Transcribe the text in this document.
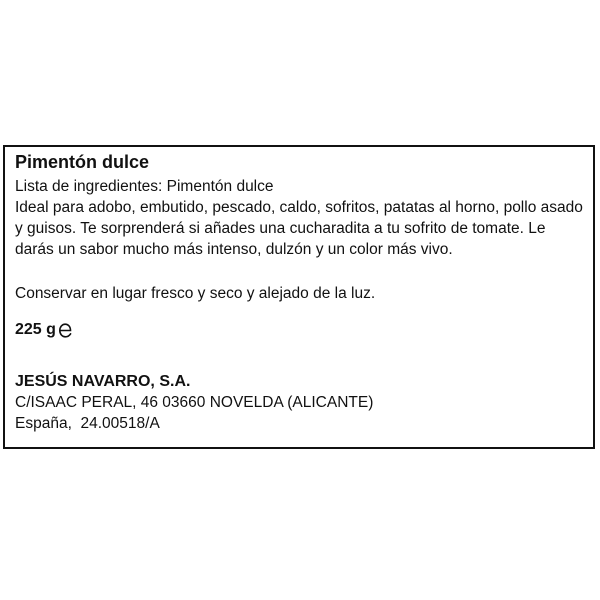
Pimentón dulce
Lista de ingredientes: Pimentón dulce
Ideal para adobo, embutido, pescado, caldo, sofritos, patatas al horno, pollo asado
y guisos. Te sorprenderá si añades una cucharadita a tu sofrito de tomate. Le
darás un sabor mucho más intenso, dulzón y un color más vivo.
Conservar en lugar fresco y seco y alejado de la luz.
225 g
JESÚS NAVARRO, S.A.
C/ISAAC PERAL, 46 03660 NOVELDA (ALICANTE)
España,  24.00518/A
